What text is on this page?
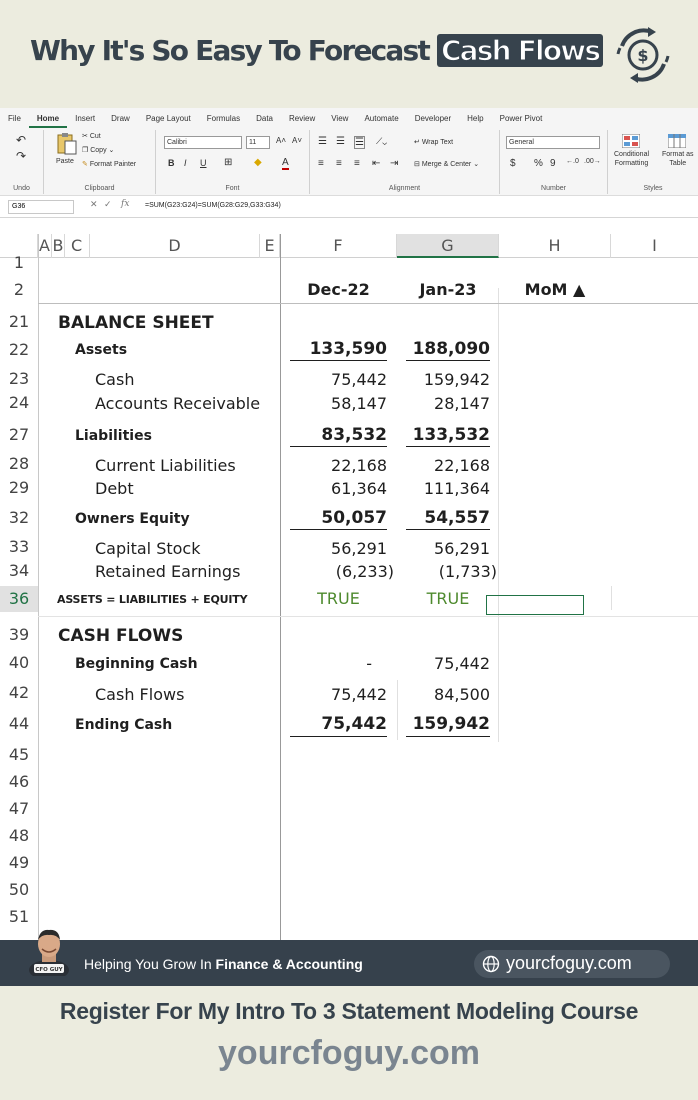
Why It's So Easy To Forecast Cash Flows $
File	Home	Insert	Draw	Page Layout	Formulas	Data	Review	View	Automate	Developer	Help	Power Pivot
↶
↷
Undo
Paste
✂ Cut
❐ Copy ⌄
✎ Format Painter
Clipboard
Calibri	11	A˄ A˅
B I U ⊞ ◆ A
Font
☰ ☰ ☰ ⟋⌄	↵ Wrap Text
≡ ≡ ≡ ⇤ ⇥ ⊟ Merge & Center ⌄
Alignment
General
$ % 9 ←.0 .00→
Number
Conditional
Formatting
Format as
Table
Styles
G36	✕ ✓ fx =SUM(G23:G24)=SUM(G28:G29,G33:G34)
A B C	D	E	F	G	H	I
1
2
21
22
23
24
27
28
29
32
33
34
36
39
40
42
44
45
46
47
48
49
50
51
Dec-22	Jan-23	MoM ▲
BALANCE SHEET
Assets	133,590	188,090
Cash	75,442	159,942
Accounts Receivable	58,147	28,147
Liabilities	83,532	133,532
Current Liabilities	22,168	22,168
Debt	61,364	111,364
Owners Equity	50,057	54,557
Capital Stock	56,291	56,291
Retained Earnings	(6,233)	(1,733)
ASSETS = LIABILITIES + EQUITY	TRUE	TRUE
CASH FLOWS
Beginning Cash	-	75,442
Cash Flows	75,442	84,500
Ending Cash	75,442	159,942
CFO GUY Helping You Grow In Finance & Accounting	yourcfoguy.com
Register For My Intro To 3 Statement Modeling Course
yourcfoguy.com
